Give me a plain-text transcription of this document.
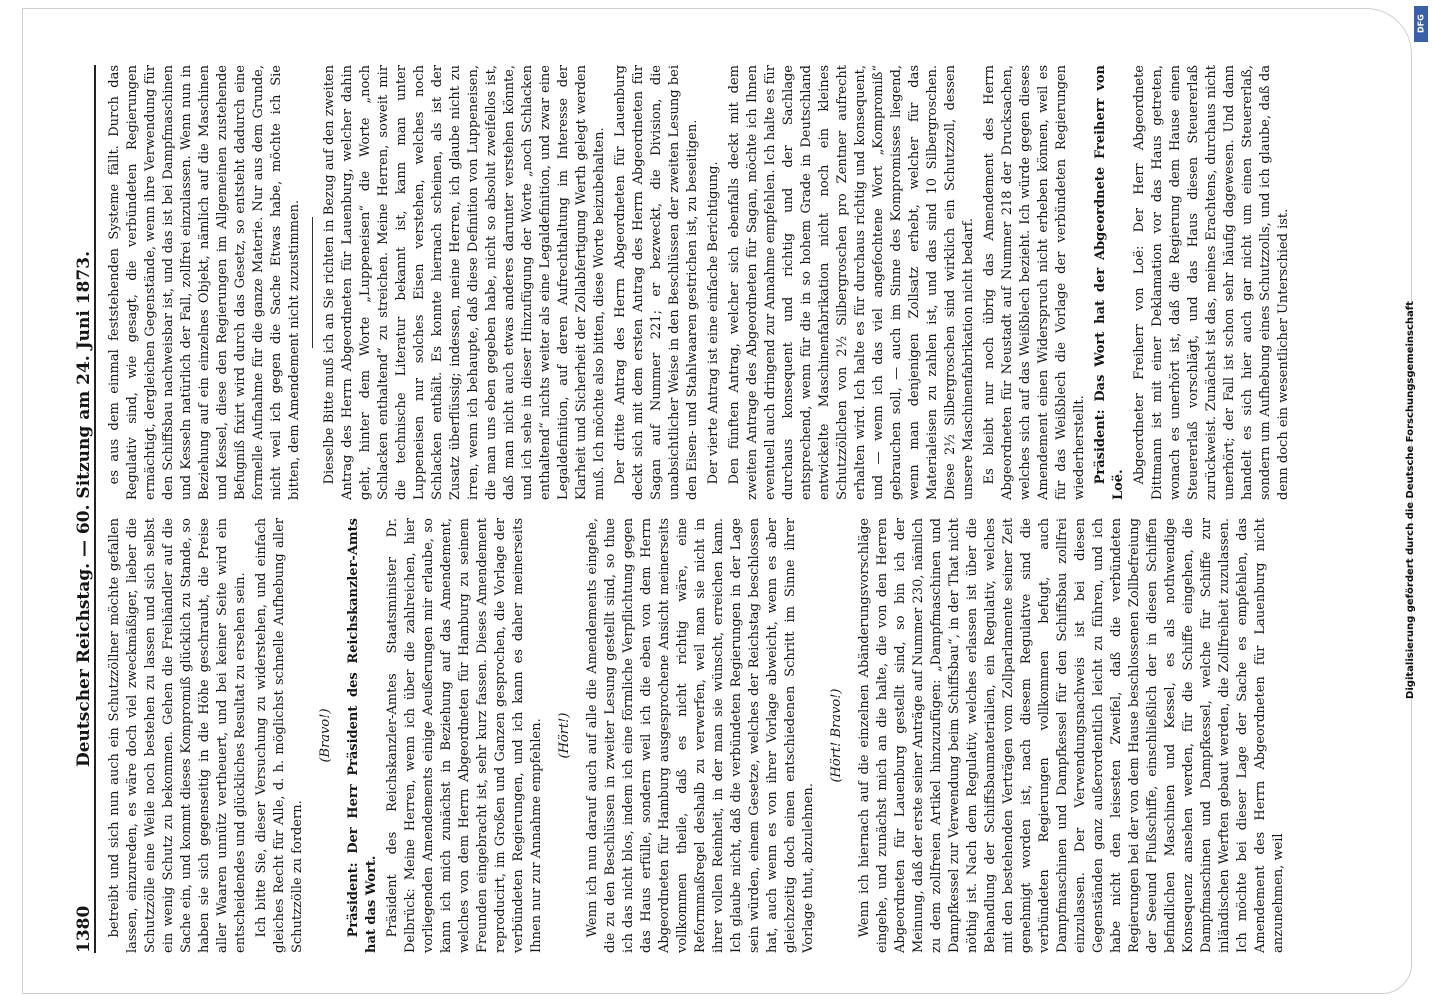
1380
Deutscher Reichstag. — 60. Sitzung am 24. Juni 1873. betreibt und sich nun auch ein Schutzzöllner möchte gefallen lassen, einzureden, es wäre doch viel zweckmäßiger, lieber die Schutzzölle eine Weile noch bestehen zu lassen und sich selbst ein wenig Schutz zu bekommen. Gehen die Freihändler auf die Sache ein, und kommt dieses Kompromiß glücklich zu Stande, so haben sie sich gegenseitig in die Höhe geschraubt, die Preise aller Waaren unnütz vertheuert, und bei keiner Seite wird ein entscheidendes und glückliches Resultat zu ersehen sein. Ich bitte Sie, dieser Versuchung zu widerstehen, und einfach gleiches Recht für Alle, d. h. möglichst schnelle Aufhebung aller Schutzzölle zu fordern.

(Bravo!) Präsident: Der Herr Präsident des Reichskanzler-Amts hat das Wort. Präsident des Reichskanzler-Amtes Staatsminister Dr. Delbrück: Meine Herren, wenn ich über die zahlreichen, hier vorliegenden Amendements einige Aeußerungen mir erlaube, so kann ich mich zunächst in Beziehung auf das Amendement, welches von dem Herrn Abgeordneten für Hamburg zu seinem Freunden eingebracht ist, sehr kurz fassen. Dieses Amendement reproducirt, im Großen und Ganzen gesprochen, die Vorlage der verbündeten Regierungen, und ich kann es daher meinerseits Ihnen nur zur Annahme empfehlen. (Hört!) Wenn ich nun darauf auch auf alle die Amendements eingehe, die zu den Beschlüssen in zweiter Lesung gestellt sind, so thue ich das nicht blos, indem ich eine förmliche Verpflichtung gegen das Haus erfülle, sondern weil ich die eben von dem Herrn Abgeordneten für Hamburg ausgesprochene Ansicht meinerseits vollkommen theile, daß es nicht richtig wäre, eine Reformmaßregel deshalb zu verwerfen, weil man sie nicht in ihrer vollen Reinheit, in der man sie wünscht, erreichen kann. Ich glaube nicht, daß die verbündeten Regierungen in der Lage sein würden, einem Gesetze, welches der Reichstag beschlossen hat, auch wenn es von ihrer Vorlage abweicht, wenn es aber gleichzeitig doch einen entschiedenen Schritt im Sinne ihrer Vorlage thut, abzulehnen.

(Hört! Bravo!) Wenn ich hiernach auf die einzelnen Abänderungsvorschläge eingehe, und zunächst mich an die halte, die von den Herren Abgeordneten für Lauenburg gestellt sind, so bin ich der Meinung, daß der erste seiner Anträge auf Nummer 230, nämlich zu dem zollfreien Artikel hinzuzufügen: „Dampfmaschinen und Dampfkessel zur Verwendung beim Schiffsbau“, in der That nicht nöthig ist. Nach dem Regulativ, welches erlassen ist über die Behandlung der Schiffsbaumaterialien, ein Regulativ, welches mit den bestehenden Verträgen vom Zollparlamente seiner Zeit genehmigt worden ist, nach diesem Regulative sind die verbündeten Regierungen vollkommen befugt, auch Dampfmaschinen und Dampfkessel für den Schiffsbau zollfrei einzulassen. Der Verwendungsnachweis ist bei diesen Gegenständen ganz außerordentlich leicht zu führen, und ich habe nicht den leisesten Zweifel, daß die verbündeten Regierungen bei der von dem Hause beschlossenen Zollbefreiung der Seeund Flußschiffe, einschließlich der in diesen Schiffen befindlichen Maschinen und Kessel, es als nothwendige Konsequenz ansehen werden, für die Schiffe eingehen, die Dampfmaschinen und Dampfkessel, welche für Schiffe zur inländischen Werften gebaut werden, die Zollfreiheit zuzulassen. Ich möchte bei dieser Lage der Sache es empfehlen, das Amendement des Herrn Abgeordneten für Lauenburg nicht anzunehmen, weil

es aus dem einmal feststehenden Systeme fällt. Durch das Regulativ sind, wie gesagt, die verbündeten Regierungen ermächtigt, dergleichen Gegenstände, wenn ihre Verwendung für den Schiffsbau nachweisbar ist, und das ist bei Dampfmaschinen und Kesseln natürlich der Fall, zollfrei einzulassen. Wenn nun in Beziehung auf ein einzelnes Objekt, nämlich auf die Maschinen und Kessel, diese den Regierungen im Allgemeinen zustehende Befugniß fixirt wird durch das Gesetz, so entsteht dadurch eine formelle Aufnahme für die ganze Materie. Nur aus dem Grunde, nicht weil ich gegen die Sache Etwas habe, möchte ich Sie bitten, dem Amendement nicht zuzustimmen. Dieselbe Bitte muß ich an Sie richten in Bezug auf den zweiten Antrag des Herrn Abgeordneten für Lauenburg, welcher dahin geht, hinter dem Worte „Luppeneisen“ die Worte „noch Schlacken enthaltend“ zu streichen. Meine Herren, soweit mir die technische Literatur bekannt ist, kann man unter Luppeneisen nur solches Eisen verstehen, welches noch Schlacken enthält. Es konnte hiernach scheinen, als ist der Zusatz überflüssig; indessen, meine Herren, ich glaube nicht zu irren, wenn ich behaupte, daß diese Definition von Luppeneisen, die man uns eben gegeben habe, nicht so absolut zweifellos ist, daß man nicht auch etwas anderes darunter verstehen könnte, und ich sehe in dieser Hinzufügung der Worte „noch Schlacken enthaltend“ nichts weiter als eine Legaldefinition, und zwar eine Legaldefinition, auf deren Aufrechthaltung im Interesse der Klarheit und Sicherheit der Zollabfertigung Werth gelegt werden muß. Ich möchte also bitten, diese Worte beizubehalten. Der dritte Antrag des Herrn Abgeordneten für Lauenburg deckt sich mit dem ersten Antrag des Herrn Abgeordneten für Sagan auf Nummer 221; er bezweckt, die Division, die unabsichtlicher Weise in den Beschlüssen der zweiten Lesung bei den Eisen- und Stahlwaaren gestrichen ist, zu beseitigen. Der vierte Antrag ist eine einfache Berichtigung. Den fünften Antrag, welcher sich ebenfalls deckt mit dem zweiten Antrage des Abgeordneten für Sagan, möchte ich Ihnen eventuell auch dringend zur Annahme empfehlen. Ich halte es für durchaus konsequent und richtig und der Sachlage entsprechend, wenn für die in so hohem Grade in Deutschland entwickelte Maschinenfabrikation nicht noch ein kleines Schutzzöllchen von 2½ Silbergroschen pro Zentner aufrecht erhalten wird. Ich halte es für durchaus richtig und konsequent, und — wenn ich das viel angefochtene Wort „Kompromiß“ gebrauchen soll, — auch im Sinne des Kompromisses liegend, wenn man denjenigen Zollsatz erhebt, welcher für das Materialeisen zu zahlen ist, und das sind 10 Silbergroschen. Diese 2½ Silbergroschen sind wirklich ein Schutzzoll, dessen unsere Maschinenfabrikation nicht bedarf. Es bleibt nur noch übrig das Amendement des Herrn Abgeordneten für Neustadt auf Nummer 218 der Drucksachen, welches sich auf das Weißblech bezieht. Ich würde gegen dieses Amendement einen Widerspruch nicht erheben können, weil es für das Weißblech die Vorlage der verbündeten Regierungen wiederherstellt. Präsident: Das Wort hat der Abgeordnete Freiherr von Loë.

Abgeordneter Freiherr von Loë: Der Herr Abgeordnete Dittmann ist mit einer Deklamation vor das Haus getreten, wonach es unerhört ist, daß die Regierung dem Hause einen Steuererlaß vorschlägt, und das Haus diesen Steuererlaß zurückweist. Zunächst ist das, meines Erachtens, durchaus nicht unerhört; der Fall ist schon sehr häufig dagewesen. Und dann handelt es sich hier auch gar nicht um einen Steuererlaß, sondern um Aufhebung eines Schutzzolls, und ich glaube, daß da denn doch ein wesentlicher Unterschied ist.	Digitalisierung gefördert durch die Deutsche Forschungsgemeinschaft
DFG
